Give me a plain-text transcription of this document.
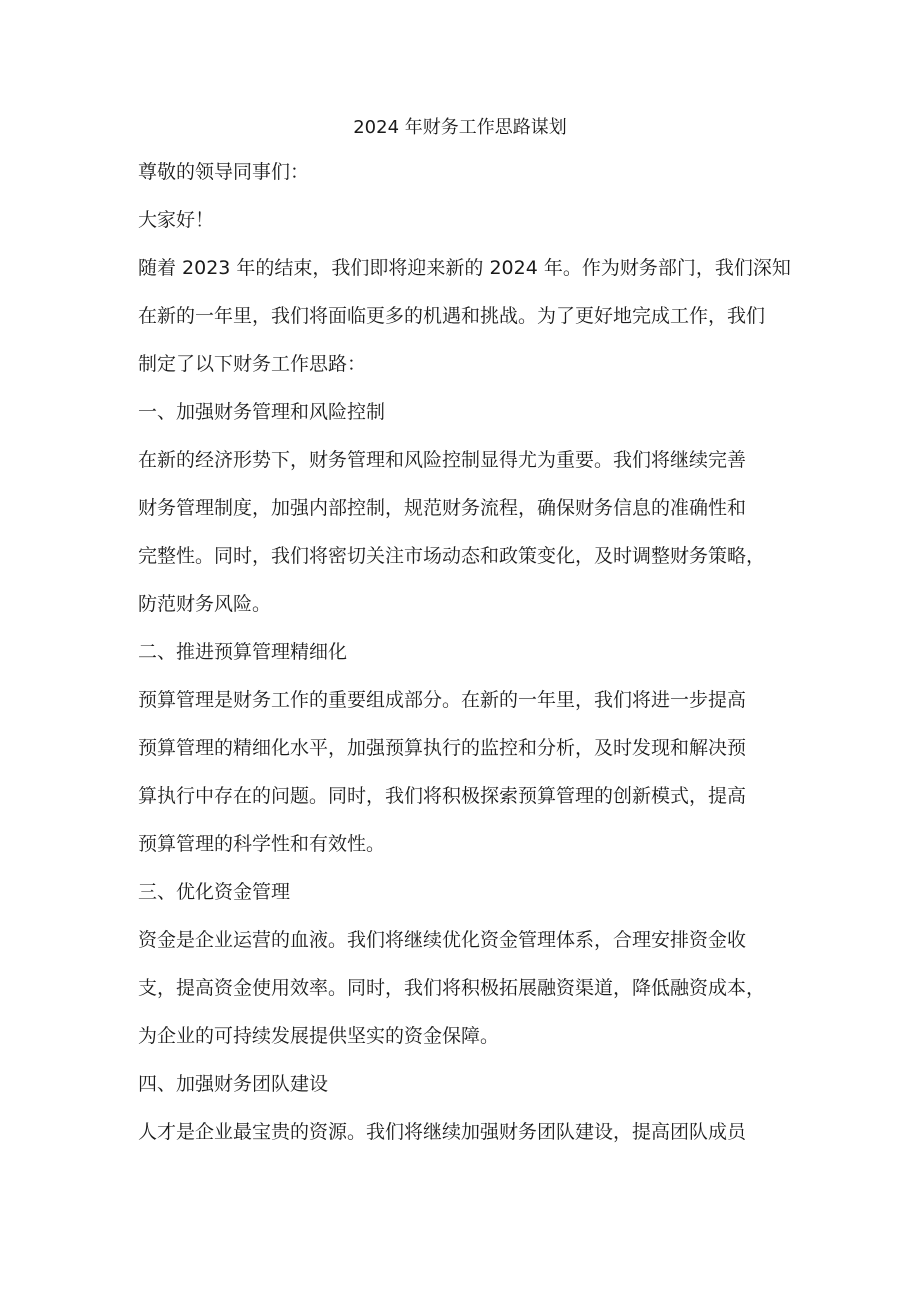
2024 年财务工作思路谋划
尊敬的领导同事们：
大家好！
随着 2023 年的结束，我们即将迎来新的 2024 年。作为财务部门，我们深知
在新的一年里，我们将面临更多的机遇和挑战。为了更好地完成工作，我们
制定了以下财务工作思路：
一、加强财务管理和风险控制
在新的经济形势下，财务管理和风险控制显得尤为重要。我们将继续完善
财务管理制度，加强内部控制，规范财务流程，确保财务信息的准确性和
完整性。同时，我们将密切关注市场动态和政策变化，及时调整财务策略，
防范财务风险。
二、推进预算管理精细化
预算管理是财务工作的重要组成部分。在新的一年里，我们将进一步提高
预算管理的精细化水平，加强预算执行的监控和分析，及时发现和解决预
算执行中存在的问题。同时，我们将积极探索预算管理的创新模式，提高
预算管理的科学性和有效性。
三、优化资金管理
资金是企业运营的血液。我们将继续优化资金管理体系，合理安排资金收
支，提高资金使用效率。同时，我们将积极拓展融资渠道，降低融资成本，
为企业的可持续发展提供坚实的资金保障。
四、加强财务团队建设
人才是企业最宝贵的资源。我们将继续加强财务团队建设，提高团队成员
